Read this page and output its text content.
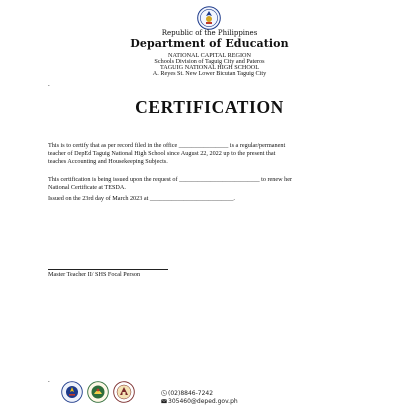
Republic of the Philippines
Department of Education
NATIONAL CAPITAL REGION
Schools Division of Taguig City and Pateros
TAGUIG NATIONAL HIGH SCHOOL
A. Reyes St. New Lower Bicutan Taguig City
.
CERTIFICATION
This is to certify that as per record filed in the office ________________ is a regular/permanent
teacher of DepEd Taguig National High School since August 22, 2022 up to the present that
teaches Accounting and Housekeeping Subjects.
This certification is being issued upon the request of __________________________ to renew her
National Certificate at TESDA.
Issued on the 23rd day of March 2023 at ___________________________.
Master Teacher II/ SHS Focal Person
.
(02)8846-7242
305460@deped.gov.ph
